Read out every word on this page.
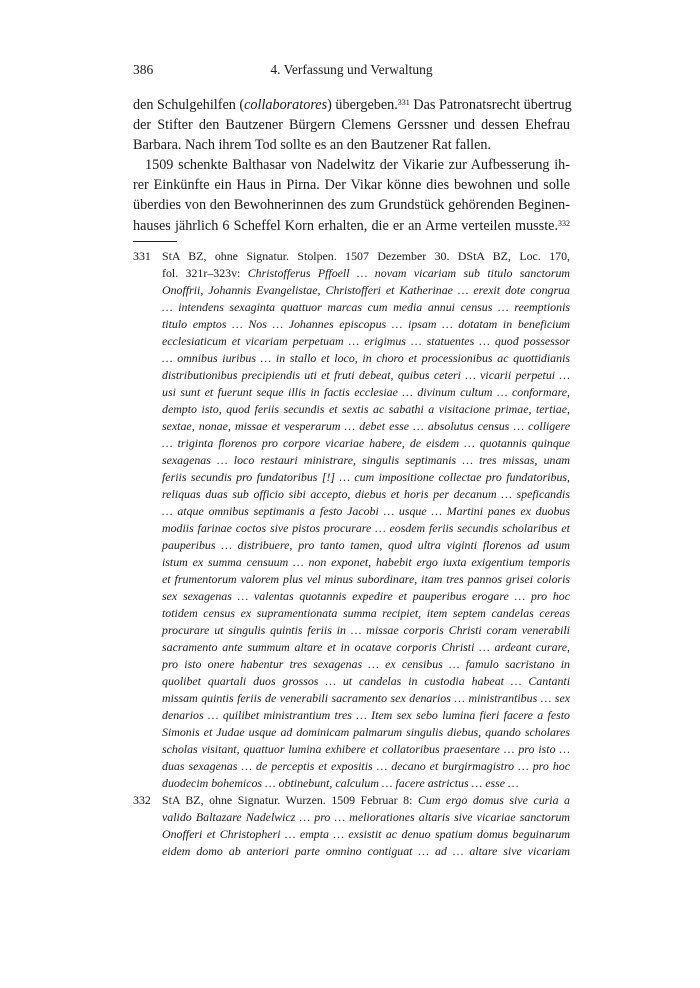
386	4. Verfassung und Verwaltung
den Schulgehilfen (collaboratores) übergeben.$^{331}$ Das Patronatsrecht übertrug
der Stifter den Bautzener Bürgern Clemens Gerssner und dessen Ehefrau
Barbara. Nach ihrem Tod sollte es an den Bautzener Rat fallen.
1509 schenkte Balthasar von Nadelwitz der Vikarie zur Aufbesserung ih-
rer Einkünfte ein Haus in Pirna. Der Vikar könne dies bewohnen und solle
überdies von den Bewohnerinnen des zum Grundstück gehörenden Beginen-
hauses jährlich 6 Scheffel Korn erhalten, die er an Arme verteilen musste.$^{332}$
331 StA BZ, ohne Signatur. Stolpen. 1507 Dezember 30. DStA BZ, Loc. 170,
fol. 321r–323v: Christofferus Pffoell … novam vicariam sub titulo sanctorum
Onoffrii, Johannis Evangelistae, Christofferi et Katherinae … erexit dote congrua
… intendens sexaginta quattuor marcas cum media annui census … reemptionis
titulo emptos … Nos … Johannes episcopus … ipsam … dotatam in beneficium
ecclesiaticum et vicariam perpetuam … erigimus … statuentes … quod possessor
… omnibus iuribus … in stallo et loco, in choro et processionibus ac quottidianis
distributionibus precipiendis uti et fruti debeat, quibus ceteri … vicarii perpetui …
usi sunt et fuerunt seque illis in factis ecclesiae … divinum cultum … conformare,
dempto isto, quod feriis secundis et sextis ac sabathi a visitacione primae, tertiae,
sextae, nonae, missae et vesperarum … debet esse … absolutus census … colligere
… triginta florenos pro corpore vicariae habere, de eisdem … quotannis quinque
sexagenas … loco restauri ministrare, singulis septimanis … tres missas, unam
feriis secundis pro fundatoribus [!] … cum impositione collectae pro fundatoribus,
reliquas duas sub officio sibi accepto, diebus et horis per decanum … speficandis
… atque omnibus septimanis a festo Jacobi … usque … Martini panes ex duobus
modiis farinae coctos sive pistos procurare … eosdem feriis secundis scholaribus et
pauperibus … distribuere, pro tanto tamen, quod ultra viginti florenos ad usum
istum ex summa censuum … non exponet, habebit ergo iuxta exigentium temporis
et frumentorum valorem plus vel minus subordinare, itam tres pannos grisei coloris
sex sexagenas … valentas quotannis expedire et pauperibus erogare … pro hoc
totidem census ex supramentionata summa recipiet, item septem candelas cereas
procurare ut singulis quintis feriis in … missae corporis Christi coram venerabili
sacramento ante summum altare et in ocatave corporis Christi … ardeant curare,
pro isto onere habentur tres sexagenas … ex censibus … famulo sacristano in
quolibet quartali duos grossos … ut candelas in custodia habeat … Cantanti
missam quintis feriis de venerabili sacramento sex denarios … ministrantibus … sex
denarios … quilibet ministrantium tres … Item sex sebo lumina fieri facere a festo
Simonis et Judae usque ad dominicam palmarum singulis diebus, quando scholares
scholas visitant, quattuor lumina exhibere et collatoribus praesentare … pro isto …
duas sexagenas … de perceptis et expositis … decano et burgirmagistro … pro hoc
duodecim bohemicos … obtinebunt, calculum … facere astrictus … esse …
332 StA BZ, ohne Signatur. Wurzen. 1509 Februar 8: Cum ergo domus sive curia a
valido Baltazare Nadelwicz … pro … meliorationes altaris sive vicariae sanctorum
Onofferi et Christopheri … empta … exsistit ac denuo spatium domus beguinarum
eidem domo ab anteriori parte omnino contiguat … ad … altare sive vicariam
